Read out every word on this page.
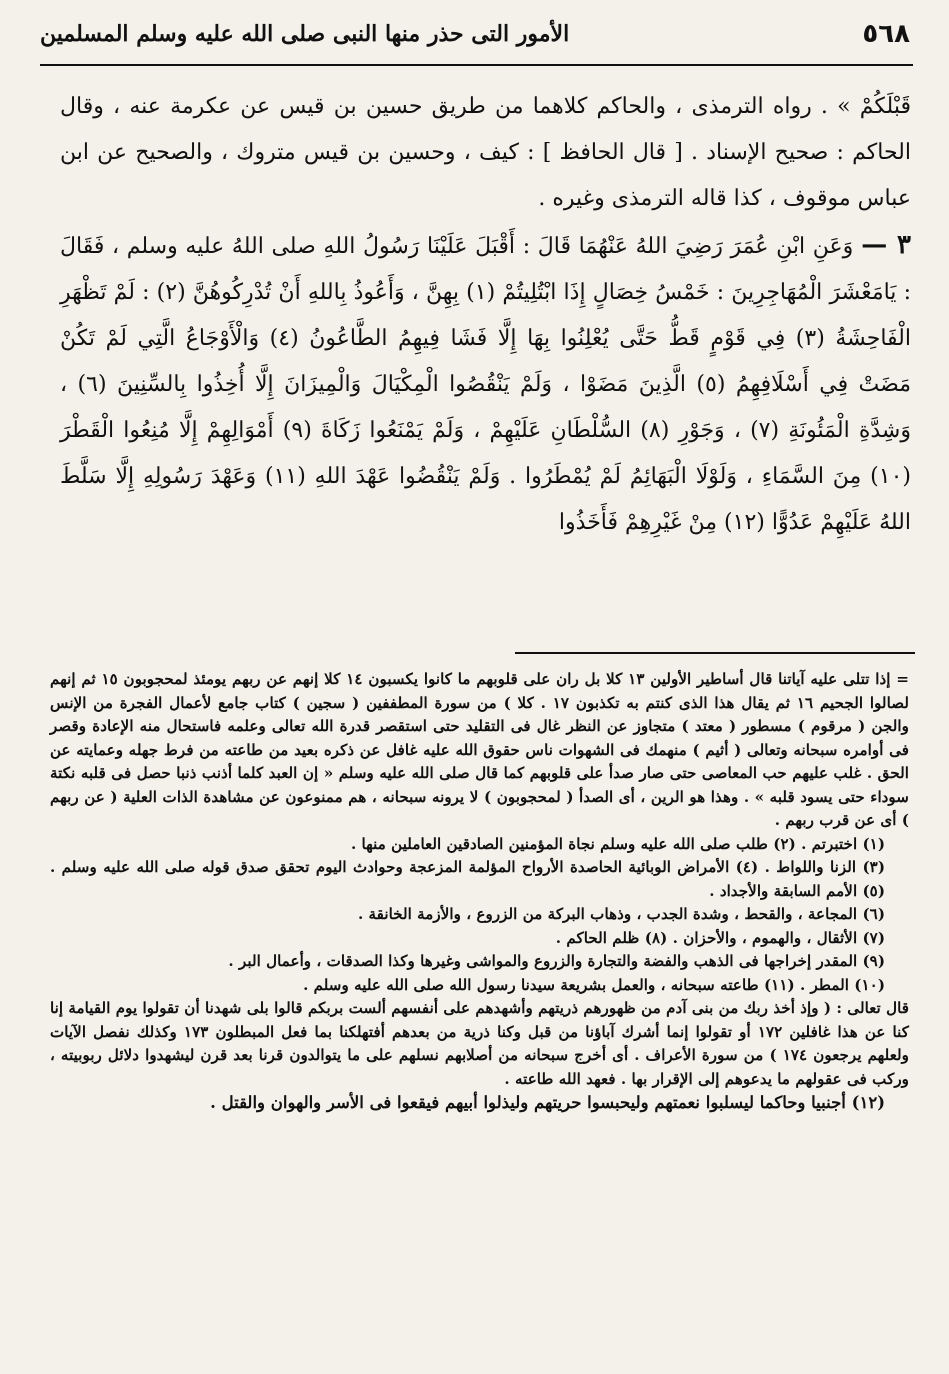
٥٦٨
الأمور التى حذر منها النبى صلى الله عليه وسلم المسلمين

قَبْلَكُمْ » . رواه الترمذى ، والحاكم كلاهما من طريق حسين بن قيس عن عكرمة عنه ، وقال الحاكم : صحيح الإسناد . [ قال الحافظ ] : كيف ، وحسين بن قيس متروك ، والصحيح عن ابن عباس موقوف ، كذا قاله الترمذى وغيره .

٣ —وَعَنِ ابْنِ عُمَرَ رَضِيَ اللهُ عَنْهُمَا قَالَ : أَقْبَلَ عَلَيْنَا رَسُولُ اللهِ صلى اللهُ عليه وسلم ، فَقَالَ : يَامَعْشَرَ الْمُهَاجِرِينَ : خَمْسُ خِصَالٍ إِذَا ابْتُلِيتُمْ (١) بِهِنَّ ، وَأَعُوذُ بِاللهِ أَنْ تُدْرِكُوهُنَّ (٢) : لَمْ تَظْهَرِ الْفَاحِشَةُ (٣) فِي قَوْمٍ قَطُّ حَتَّى يُعْلِنُوا بِهَا إِلَّا فَشَا فِيهِمُ الطَّاعُونُ (٤) وَالْأَوْجَاعُ الَّتِي لَمْ تَكُنْ مَضَتْ فِي أَسْلَافِهِمُ (٥) الَّذِينَ مَضَوْا ، وَلَمْ يَنْقُصُوا الْمِكْيَالَ وَالْمِيزَانَ إِلَّا أُخِذُوا بِالسِّنِينَ (٦) ، وَشِدَّةِ الْمَئُونَةِ (٧) ، وَجَوْرِ (٨) السُّلْطَانِ عَلَيْهِمْ ، وَلَمْ يَمْنَعُوا زَكَاةَ (٩) أَمْوَالِهِمْ إِلَّا مُنِعُوا الْقَطْرَ (١٠) مِنَ السَّمَاءِ ، وَلَوْلَا الْبَهَائِمُ لَمْ يُمْطَرُوا . وَلَمْ يَنْقُضُوا عَهْدَ اللهِ (١١) وَعَهْدَ رَسُولِهِ إِلَّا سَلَّطَ اللهُ عَلَيْهِمْ عَدُوًّا (١٢) مِنْ غَيْرِهِمْ فَأَخَذُوا

= إذا تتلى عليه آياتنا قال أساطير الأولين ١٣ كلا بل ران على قلوبهم ما كانوا يكسبون ١٤ كلا إنهم عن ربهم يومئذ لمحجوبون ١٥ ثم إنهم لصالوا الجحيم ١٦ ثم يقال هذا الذى كنتم به تكذبون ١٧ . كلا ) من سورة المطففين ( سجين ) كتاب جامع لأعمال الفجرة من الإنس والجن ( مرقوم ) مسطور ( معتد ) متجاوز عن النظر غال فى التقليد حتى استقصر قدرة الله تعالى وعلمه فاستحال منه الإعادة وقصر فى أوامره سبحانه وتعالى ( أثيم ) منهمك فى الشهوات ناس حقوق الله عليه غافل عن ذكره بعيد من طاعته من فرط جهله وعمايته عن الحق . غلب عليهم حب المعاصى حتى صار صدأ على قلوبهم كما قال صلى الله عليه وسلم « إن العبد كلما أذنب ذنبا حصل فى قلبه نكتة سوداء حتى يسود قلبه » . وهذا هو الرين ، أى الصدأ ( لمحجوبون ) لا يرونه سبحانه ، هم ممنوعون عن مشاهدة الذات العلية ( عن ربهم ) أى عن قرب ربهم .

(١) اختبرتم . (٢) طلب صلى الله عليه وسلم نجاة المؤمنين الصادقين العاملين منها .

(٣) الزنا واللواط . (٤) الأمراض الوبائية الحاصدة الأرواح المؤلمة المزعجة وحوادث اليوم تحقق صدق قوله صلى الله عليه وسلم . (٥) الأمم السابقة والأجداد .

(٦) المجاعة ، والقحط ، وشدة الجدب ، وذهاب البركة من الزروع ، والأزمة الخانقة .

(٧) الأثقال ، والهموم ، والأحزان . (٨) ظلم الحاكم .

(٩) المقدر إخراجها فى الذهب والفضة والتجارة والزروع والمواشى وغيرها وكذا الصدقات ، وأعمال البر .

(١٠) المطر . (١١) طاعته سبحانه ، والعمل بشريعة سيدنا رسول الله صلى الله عليه وسلم .

قال تعالى : ( وإذ أخذ ربك من بنى آدم من ظهورهم ذريتهم وأشهدهم على أنفسهم ألست بربكم قالوا بلى شهدنا أن تقولوا يوم القيامة إنا كنا عن هذا غافلين ١٧٢ أو تقولوا إنما أشرك آباؤنا من قبل وكنا ذرية من بعدهم أفتهلكنا بما فعل المبطلون ١٧٣ وكذلك نفصل الآيات ولعلهم يرجعون ١٧٤ ) من سورة الأعراف . أى أخرج سبحانه من أصلابهم نسلهم على ما يتوالدون قرنا بعد قرن ليشهدوا دلائل ربوبيته ، وركب فى عقولهم ما يدعوهم إلى الإقرار بها . فعهد الله طاعته .

(١٢) أجنبيا وحاكما ليسلبوا نعمتهم وليحبسوا حريتهم وليذلوا أبيهم فيقعوا فى الأسر والهوان والقتل .
